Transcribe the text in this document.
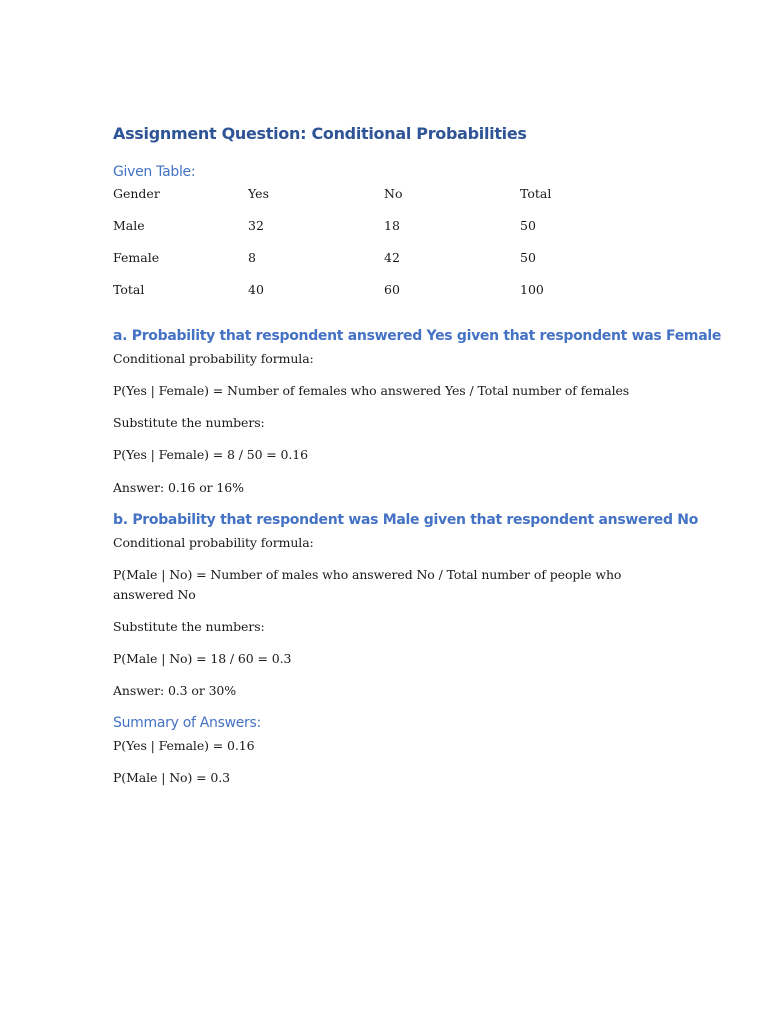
Assignment Question: Conditional Probabilities
Given Table:
Gender	Yes	No	Total
Male	32	18	50
Female	8	42	50
Total	40	60	100
a. Probability that respondent answered Yes given that respondent was Female
Conditional probability formula:
P(Yes | Female) = Number of females who answered Yes / Total number of females
Substitute the numbers:
P(Yes | Female) = 8 / 50 = 0.16
Answer: 0.16 or 16%
b. Probability that respondent was Male given that respondent answered No
Conditional probability formula:
P(Male | No) = Number of males who answered No / Total number of people who answered No
Substitute the numbers:
P(Male | No) = 18 / 60 = 0.3
Answer: 0.3 or 30%
Summary of Answers:
P(Yes | Female) = 0.16
P(Male | No) = 0.3
